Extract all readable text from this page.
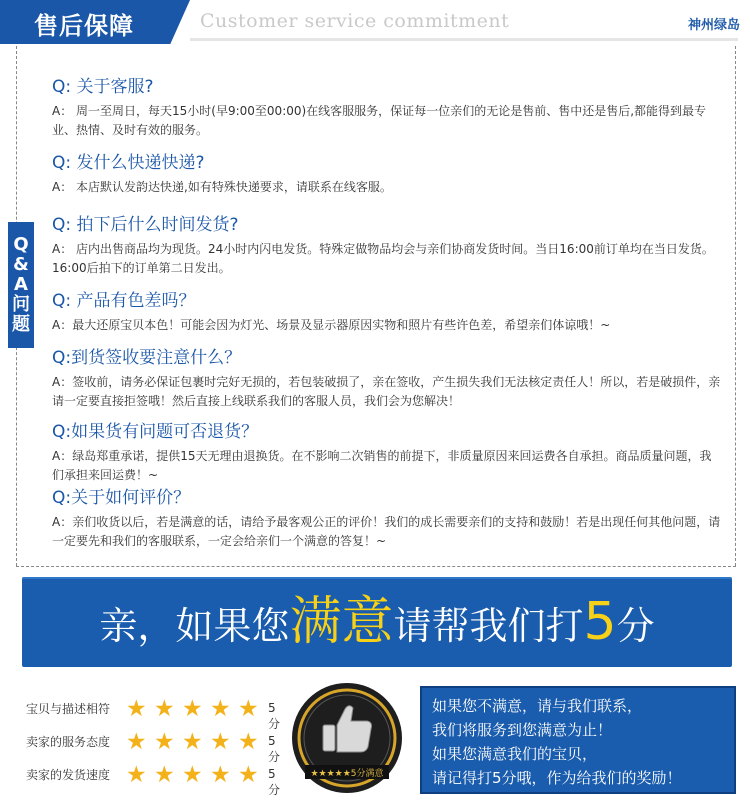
售后保障	Customer service commitment	神州绿岛
Q
&
A
问
题
Q: 关于客服?
A： 周一至周日，每天15小时(早9:00至00:00)在线客服服务，保证每一位亲们的无论是售前、售中还是售后,都能得到最专业、热情、及时有效的服务。
Q: 发什么快递快递?
A： 本店默认发韵达快递,如有特殊快递要求，请联系在线客服。
Q: 拍下后什么时间发货?
A： 店内出售商品均为现货。24小时内闪电发货。特殊定做物品均会与亲们协商发货时间。当日16:00前订单均在当日发货。16:00后拍下的订单第二日发出。
Q: 产品有色差吗？
A：最大还原宝贝本色！可能会因为灯光、场景及显示器原因实物和照片有些许色差，希望亲们体谅哦！~
Q:到货签收要注意什么？
A：签收前，请务必保证包裹时完好无损的，若包装破损了，亲在签收，产生损失我们无法核定责任人！所以，若是破损件，亲请一定要直接拒签哦！然后直接上线联系我们的客服人员，我们会为您解决！
Q:如果货有问题可否退货？
A：绿岛郑重承诺，提供15天无理由退换货。在不影响二次销售的前提下，非质量原因来回运费各自承担。商品质量问题，我们承担来回运费！~
Q:关于如何评价？
A：亲们收货以后，若是满意的话，请给予最客观公正的评价！我们的成长需要亲们的支持和鼓励！若是出现任何其他问题，请一定要先和我们的客服联系，一定会给亲们一个满意的答复！~
亲，如果您满意请帮我们打5分
宝贝与描述相符 ★ ★ ★ ★ ★ 5分
卖家的服务态度 ★ ★ ★ ★ ★ 5分
卖家的发货速度 ★ ★ ★ ★ ★ 5分
★★★★★5分满意
如果您不满意，请与我们联系，
我们将服务到您满意为止！
如果您满意我们的宝贝，
请记得打5分哦，作为给我们的奖励！
